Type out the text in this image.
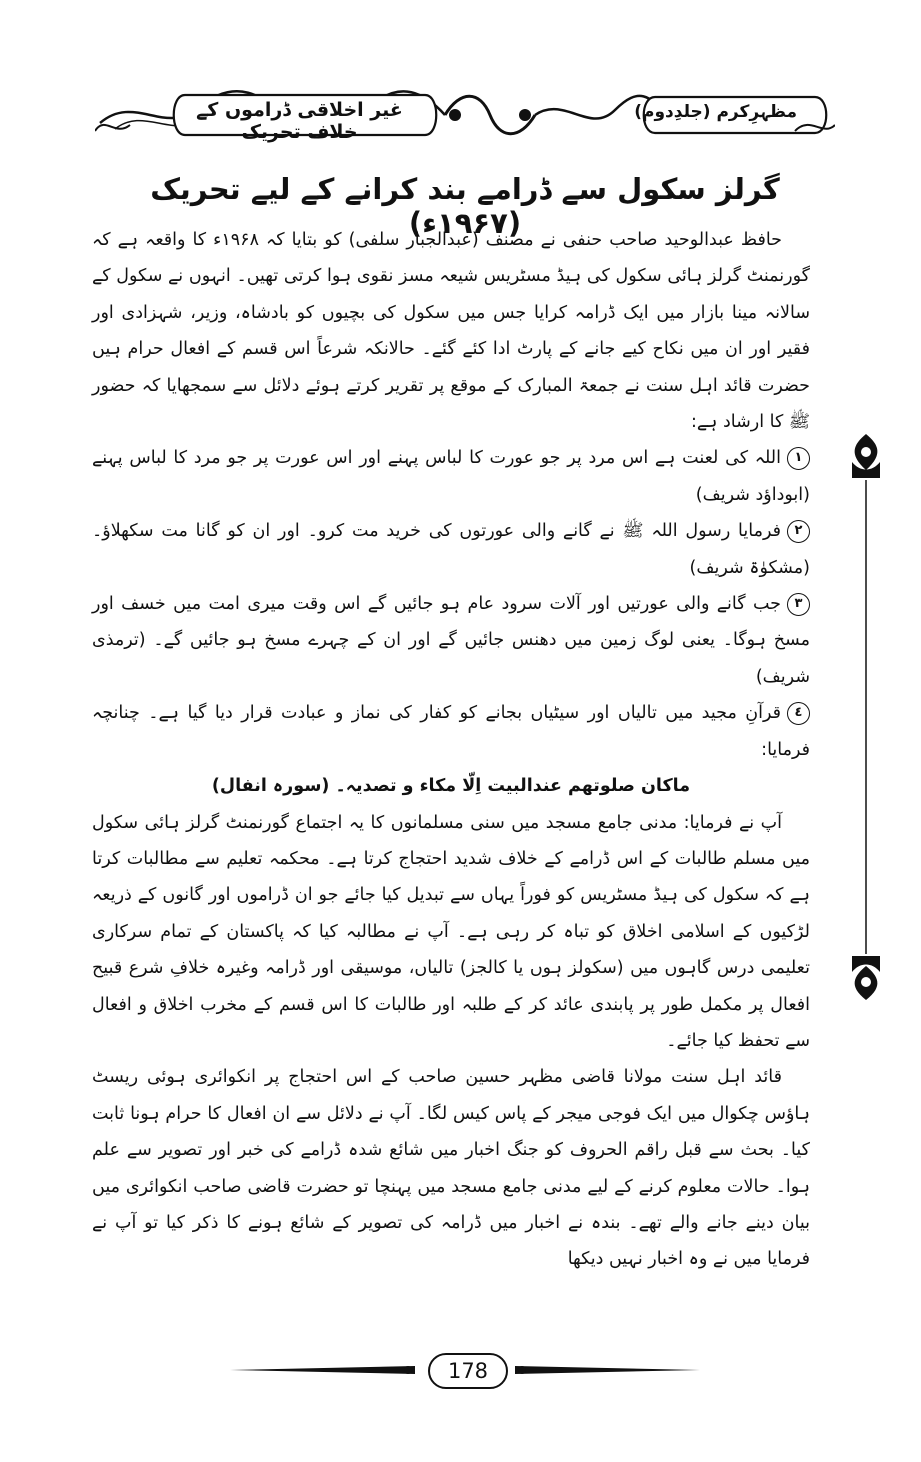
مظہرِکرم (جلدِدوم)
غیر اخلاقی ڈراموں کے خلاف تحریک
گرلز سکول سے ڈرامے بند کرانے کے لیے تحریک (۱۹۶۷ء)

حافظ عبدالوحید صاحب حنفی نے مصنف (عبدالجبار سلفی) کو بتایا کہ ۱۹۶۸ء کا واقعہ ہے کہ گورنمنٹ گرلز ہائی سکول کی ہیڈ مسٹریس شیعہ مسز نقوی ہوا کرتی تھیں۔ انہوں نے سکول کے سالانہ مینا بازار میں ایک ڈرامہ کرایا جس میں سکول کی بچیوں کو بادشاہ، وزیر، شہزادی اور فقیر اور ان میں نکاح کیے جانے کے پارٹ ادا کئے گئے۔ حالانکہ شرعاً اس قسم کے افعال حرام ہیں حضرت قائد اہل سنت نے جمعۃ المبارک کے موقع پر تقریر کرتے ہوئے دلائل سے سمجھایا کہ حضور ﷺ کا ارشاد ہے:

١اللہ کی لعنت ہے اس مرد پر جو عورت کا لباس پہنے اور اس عورت پر جو مرد کا لباس پہنے (ابوداؤد شریف)

٢فرمایا رسول اللہ ﷺ نے گانے والی عورتوں کی خرید مت کرو۔ اور ان کو گانا مت سکھلاؤ۔ (مشکوٰۃ شریف)

٣جب گانے والی عورتیں اور آلات سرود عام ہو جائیں گے اس وقت میری امت میں خسف اور مسخ ہوگا۔ یعنی لوگ زمین میں دھنس جائیں گے اور ان کے چہرے مسخ ہو جائیں گے۔ (ترمذی شریف)

٤قرآنِ مجید میں تالیاں اور سیٹیاں بجانے کو کفار کی نماز و عبادت قرار دیا گیا ہے۔ چنانچہ فرمایا:

ماکان صلوتھم عندالبیت اِلّا مکاء و تصدیہ۔ (سورہ انفال)

آپ نے فرمایا: مدنی جامع مسجد میں سنی مسلمانوں کا یہ اجتماع گورنمنٹ گرلز ہائی سکول میں مسلم طالبات کے اس ڈرامے کے خلاف شدید احتجاج کرتا ہے۔ محکمہ تعلیم سے مطالبات کرتا ہے کہ سکول کی ہیڈ مسٹریس کو فوراً یہاں سے تبدیل کیا جائے جو ان ڈراموں اور گانوں کے ذریعہ لڑکیوں کے اسلامی اخلاق کو تباہ کر رہی ہے۔ آپ نے مطالبہ کیا کہ پاکستان کے تمام سرکاری تعلیمی درس گاہوں میں (سکولز ہوں یا کالجز) تالیاں، موسیقی اور ڈرامہ وغیرہ خلافِ شرع قبیح افعال پر مکمل طور پر پابندی عائد کر کے طلبہ اور طالبات کا اس قسم کے مخرب اخلاق و افعال سے تحفظ کیا جائے۔

قائد اہل سنت مولانا قاضی مظہر حسین صاحب کے اس احتجاج پر انکوائری ہوئی ریسٹ ہاؤس چکوال میں ایک فوجی میجر کے پاس کیس لگا۔ آپ نے دلائل سے ان افعال کا حرام ہونا ثابت کیا۔ بحث سے قبل راقم الحروف کو جنگ اخبار میں شائع شدہ ڈرامے کی خبر اور تصویر سے علم ہوا۔ حالات معلوم کرنے کے لیے مدنی جامع مسجد میں پہنچا تو حضرت قاضی صاحب انکوائری میں بیان دینے جانے والے تھے۔ بندہ نے اخبار میں ڈرامہ کی تصویر کے شائع ہونے کا ذکر کیا تو آپ نے فرمایا میں نے وہ اخبار نہیں دیکھا

178
